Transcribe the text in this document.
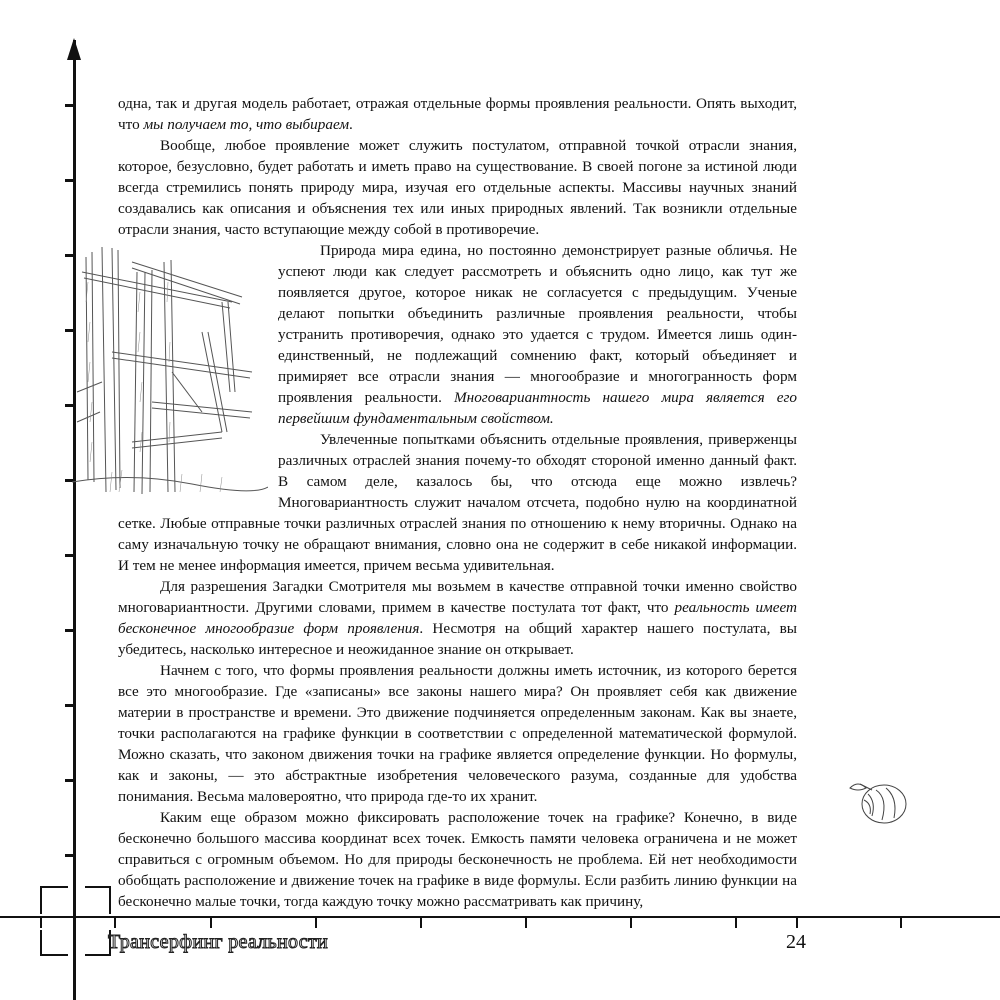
одна, так и другая модель работает, отражая отдельные формы проявления реальности. Опять выходит, что мы получаем то, что выбираем.

Вообще, любое проявление может служить постулатом, отправной точкой отрасли знания, которое, безусловно, будет работать и иметь право на существование. В своей погоне за истиной люди всегда стремились понять природу мира, изучая его отдельные аспекты. Массивы научных знаний создавались как описания и объяснения тех или иных природных явлений. Так возникли отдельные отрасли знания, часто вступающие между собой в противоречие.

Природа мира едина, но постоянно демонстрирует разные обличья. Не успеют люди как следует рассмотреть и объяснить одно лицо, как тут же появляется другое, которое никак не согласуется с предыдущим. Ученые делают попытки объединить различные проявления реальности, чтобы устранить противоречия, однако это удается с трудом. Имеется лишь один-единственный, не подлежащий сомнению факт, который объединяет и примиряет все отрасли знания — многообразие и многогранность форм проявления реальности. Многовариантность нашего мира является его первейшим фундаментальным свойством.

Увлеченные попытками объяснить отдельные проявления, приверженцы различных отраслей знания почему-то обходят стороной именно данный факт. В самом деле, казалось бы, что отсюда еще можно извлечь? Многовариантность служит началом отсчета, подобно нулю на координатной сетке. Любые отправные точки различных отраслей знания по отношению к нему вторичны. Однако на саму изначальную точку не обращают внимания, словно она не содержит в себе никакой информации. И тем не менее информация имеется, причем весьма удивительная.

Для разрешения Загадки Смотрителя мы возьмем в качестве отправной точки именно свойство многовариантности. Другими словами, примем в качестве постулата тот факт, что реальность имеет бесконечное многообразие форм проявления. Несмотря на общий характер нашего постулата, вы убедитесь, насколько интересное и неожиданное знание он открывает.

Начнем с того, что формы проявления реальности должны иметь источник, из которого берется все это многообразие. Где «записаны» все законы нашего мира? Он проявляет себя как движение материи в пространстве и времени. Это движение подчиняется определенным законам. Как вы знаете, точки располагаются на графике функции в соответствии с определенной математической формулой. Можно сказать, что законом движения точки на графике является определение функции. Но формулы, как и законы, — это абстрактные изобретения человеческого разума, созданные для удобства понимания. Весьма маловероятно, что природа где-то их хранит.

Каким еще образом можно фиксировать расположение точек на графике? Конечно, в виде бесконечно большого массива координат всех точек. Емкость памяти человека ограничена и не может справиться с огромным объемом. Но для природы бесконечность не проблема. Ей нет необходимости обобщать расположение и движение точек на графике в виде формулы. Если разбить линию функции на бесконечно малые точки, тогда каждую точку можно рассматривать как причину,

Трансерфинг реальности	24
